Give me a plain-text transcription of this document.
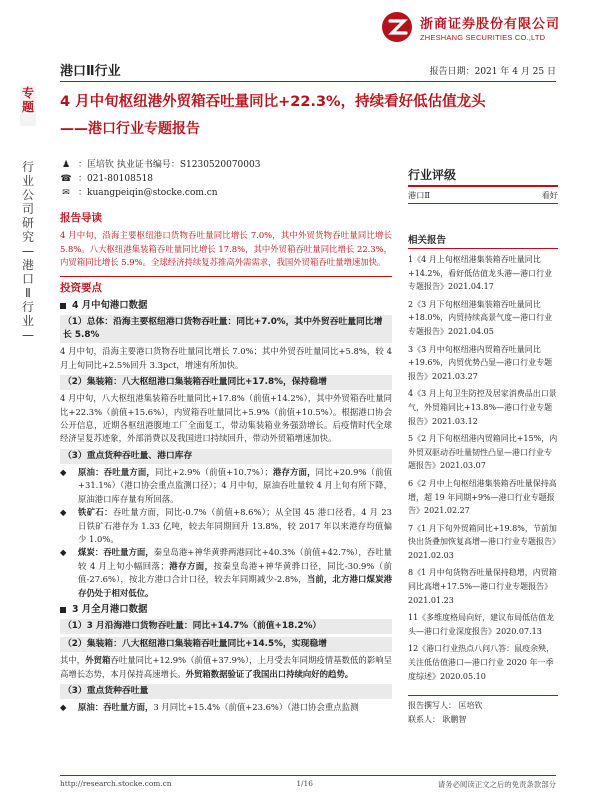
浙商证券股份有限公司
ZHESHANG SECURITIES CO.,LTD
港口Ⅱ行业	报告日期：2021 年 4 月 25 日
专题
行业公司研究—港口Ⅱ行业—
4 月中旬枢纽港外贸箱吞吐量同比+22.3%，持续看好低估值龙头
——港口行业专题报告
♟ ：匡培钦 执业证书编号：S1230520070003
☎ ：021-80108518
✉ ：kuangpeiqin@stocke.com.cn
报告导读
4 月中旬，沿海主要枢纽港口货物吞吐量同比增长 7.0%，其中外贸货物吞吐量同比增长 5.8%。八大枢纽港集装箱吞吐量同比增长 17.8%，其中外贸箱吞吐量同比增长 22.3%，内贸箱同比增长 5.9%。全球经济持续复苏推高外需需求，我国外贸箱吞吐量增速加快。
投资要点
4 月中旬港口数据
（1）总体：沿海主要枢纽港口货物吞吐量：同比+7.0%，其中外贸吞吐量同比增长 5.8%
4 月中旬，沿海主要港口货物吞吐量同比增长 7.0%；其中外贸吞吐量同比+5.8%，较 4 月上旬同比+2.5%回升 3.3pct，增速有所加快。
（2）集装箱：八大枢纽港口集装箱吞吐量同比+17.8%，保持稳增
4 月中旬，八大枢纽港集装箱吞吐量同比+17.8%（前值+14.2%），其中外贸箱吞吐量同比+22.3%（前值+15.6%），内贸箱吞吐量同比+5.9%（前值+10.5%）。根据港口协会公开信息，近期各枢纽港腹地工厂全面复工，带动集装箱业务强劲增长。后疫情时代全球经济呈复苏迹象，外部消费以及我国进口持续回升，带动外贸箱增速加快。
（3）重点货种吞吐量、港口库存
◆	原油：吞吐量方面，同比+2.9%（前值+10.7%）；港存方面，同比+20.9%（前值+31.1%）（港口协会重点监测口径）；4 月中旬，原油吞吐量较 4 月上旬有所下降，原油港口库存量有所回落。
◆	铁矿石：吞吐量方面，同比-0.7%（前值+8.6%）；从全国 45 港口径看，4 月 23 日铁矿石港存为 1.33 亿吨，较去年同期回升 13.8%，较 2017 年以来港存均值偏少 1.0%。
◆	煤炭：吞吐量方面，秦皇岛港+神华黄骅两港同比+40.3%（前值+42.7%），吞吐量较 4 月上旬小幅回落；港存方面，按秦皇岛港+神华黄骅口径，同比-30.9%（前值-27.6%），按北方港口合计口径，较去年同期减少-2.8%，当前，北方港口煤炭港存仍处于相对低位。
3 月全月港口数据
（1）3 月沿海港口货物吞吐量：同比+14.7%（前值+18.2%）
（2）集装箱：八大枢纽港口集装箱吞吐量同比+14.5%，实现稳增
其中，外贸箱吞吐量同比+12.9%（前值+37.9%），上月受去年同期疫情基数低的影响呈高增长态势，本月保持高速增长。外贸箱数据验证了我国出口持续向好的趋势。
（3）重点货种吞吐量
◆	原油：吞吐量方面，3 月同比+15.4%（前值+23.6%）（港口协会重点监测
行业评级
港口Ⅱ	看好
相关报告
1《4 月上旬枢纽港集装箱吞吐量同比+14.2%，看好低估值龙头港—港口行业专题报告》2021.04.17
2《3 月下旬枢纽港集装箱吞吐量同比+18.0%，内贸持续高景气度—港口行业专题报告》2021.04.05
3《3 月中旬枢纽港内贸箱吞吐量同比+19.6%，内贸优势凸显—港口行业专题报告》2021.03.27
4《3 月上旬卫生防控及居家消费品出口景气，外贸箱同比+13.8%—港口行业专题报告》2021.03.12
5《2 月下旬枢纽港内贸箱同比+15%，内外贸双驱动吞吐量韧性凸显—港口行业专题报告》2021.03.07
6《2 月中上旬枢纽港集装箱吞吐量保持高增，超 19 年同期+9%—港口行业专题报告》2021.02.27
7《1 月下旬外贸箱同比+19.8%，节前加快出货叠加恢复高增—港口行业专题报告》2021.02.03
8《1 月中旬货物吞吐量保持稳增，内贸箱同比高增+17.5%—港口行业专题报告》2021.01.23
11《多维度格局向好，建议布局低估值龙头—港口行业深度报告》2020.07.13
12《港口行业热点八问八答：鼠疫余殃，关注低估值港口—港口行业 2020 年一季度综述》2020.05.10
报告撰写人： 匡培钦
联系人： 耿鹏智
http://research.stocke.com.cn	1/16	请务必阅读正文之后的免责条款部分
